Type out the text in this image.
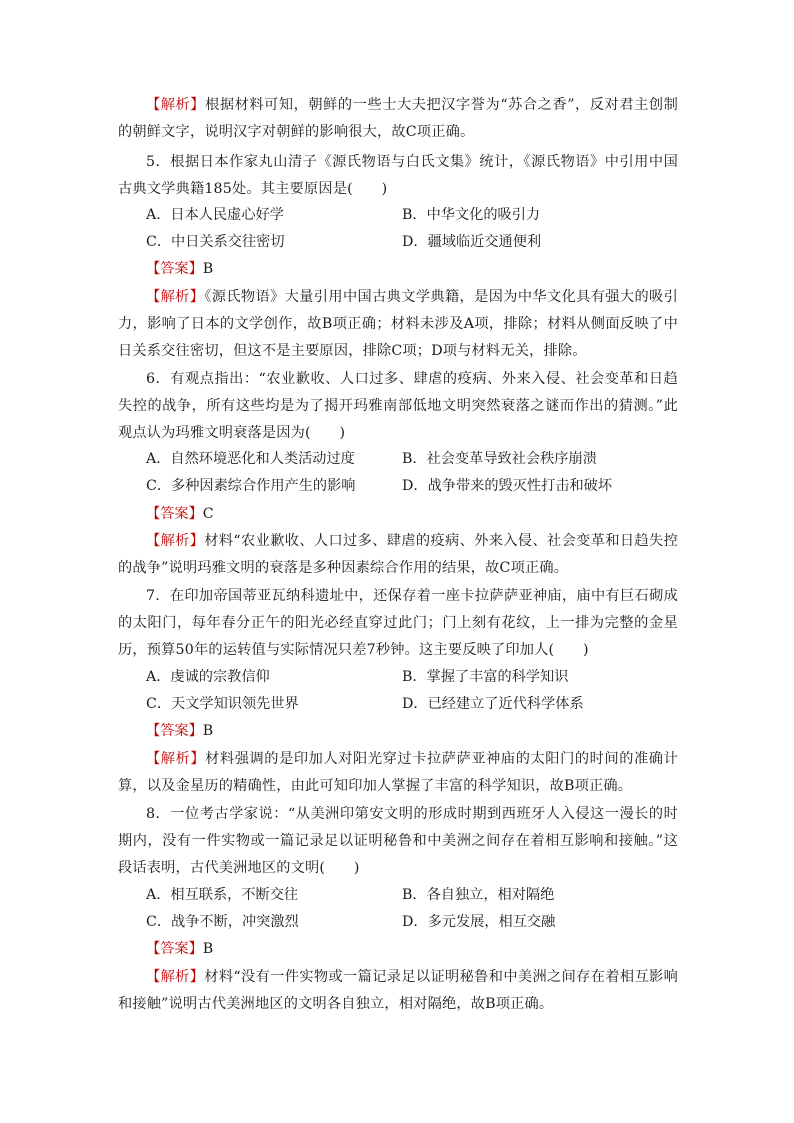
【解析】根据材料可知，朝鲜的一些士大夫把汉字誉为“苏合之香”，反对君主创制的朝鲜文字，说明汉字对朝鲜的影响很大，故C项正确。

5．根据日本作家丸山清子《源氏物语与白氏文集》统计，《源氏物语》中引用中国古典文学典籍185处。其主要原因是(　　)

A．日本人民虚心好学	B．中华文化的吸引力
C．中日关系交往密切	D．疆域临近交通便利
【答案】B

【解析】《源氏物语》大量引用中国古典文学典籍，是因为中华文化具有强大的吸引力，影响了日本的文学创作，故B项正确；材料未涉及A项，排除；材料从侧面反映了中日关系交往密切，但这不是主要原因，排除C项；D项与材料无关，排除。

6．有观点指出：“农业歉收、人口过多、肆虐的疫病、外来入侵、社会变革和日趋失控的战争，所有这些均是为了揭开玛雅南部低地文明突然衰落之谜而作出的猜测。”此观点认为玛雅文明衰落是因为(　　)

A．自然环境恶化和人类活动过度	B．社会变革导致社会秩序崩溃
C．多种因素综合作用产生的影响	D．战争带来的毁灭性打击和破坏
【答案】C

【解析】材料“农业歉收、人口过多、肆虐的疫病、外来入侵、社会变革和日趋失控的战争”说明玛雅文明的衰落是多种因素综合作用的结果，故C项正确。

7．在印加帝国蒂亚瓦纳科遗址中，还保存着一座卡拉萨萨亚神庙，庙中有巨石砌成的太阳门，每年春分正午的阳光必经直穿过此门；门上刻有花纹，上一排为完整的金星历，预算50年的运转值与实际情况只差7秒钟。这主要反映了印加人(　　)

A．虔诚的宗教信仰	B．掌握了丰富的科学知识
C．天文学知识领先世界	D．已经建立了近代科学体系
【答案】B

【解析】材料强调的是印加人对阳光穿过卡拉萨萨亚神庙的太阳门的时间的准确计算，以及金星历的精确性，由此可知印加人掌握了丰富的科学知识，故B项正确。

8．一位考古学家说：“从美洲印第安文明的形成时期到西班牙人入侵这一漫长的时期内，没有一件实物或一篇记录足以证明秘鲁和中美洲之间存在着相互影响和接触。”这段话表明，古代美洲地区的文明(　　)

A．相互联系，不断交往	B．各自独立，相对隔绝
C．战争不断，冲突激烈	D．多元发展，相互交融
【答案】B

【解析】材料“没有一件实物或一篇记录足以证明秘鲁和中美洲之间存在着相互影响和接触”说明古代美洲地区的文明各自独立，相对隔绝，故B项正确。
